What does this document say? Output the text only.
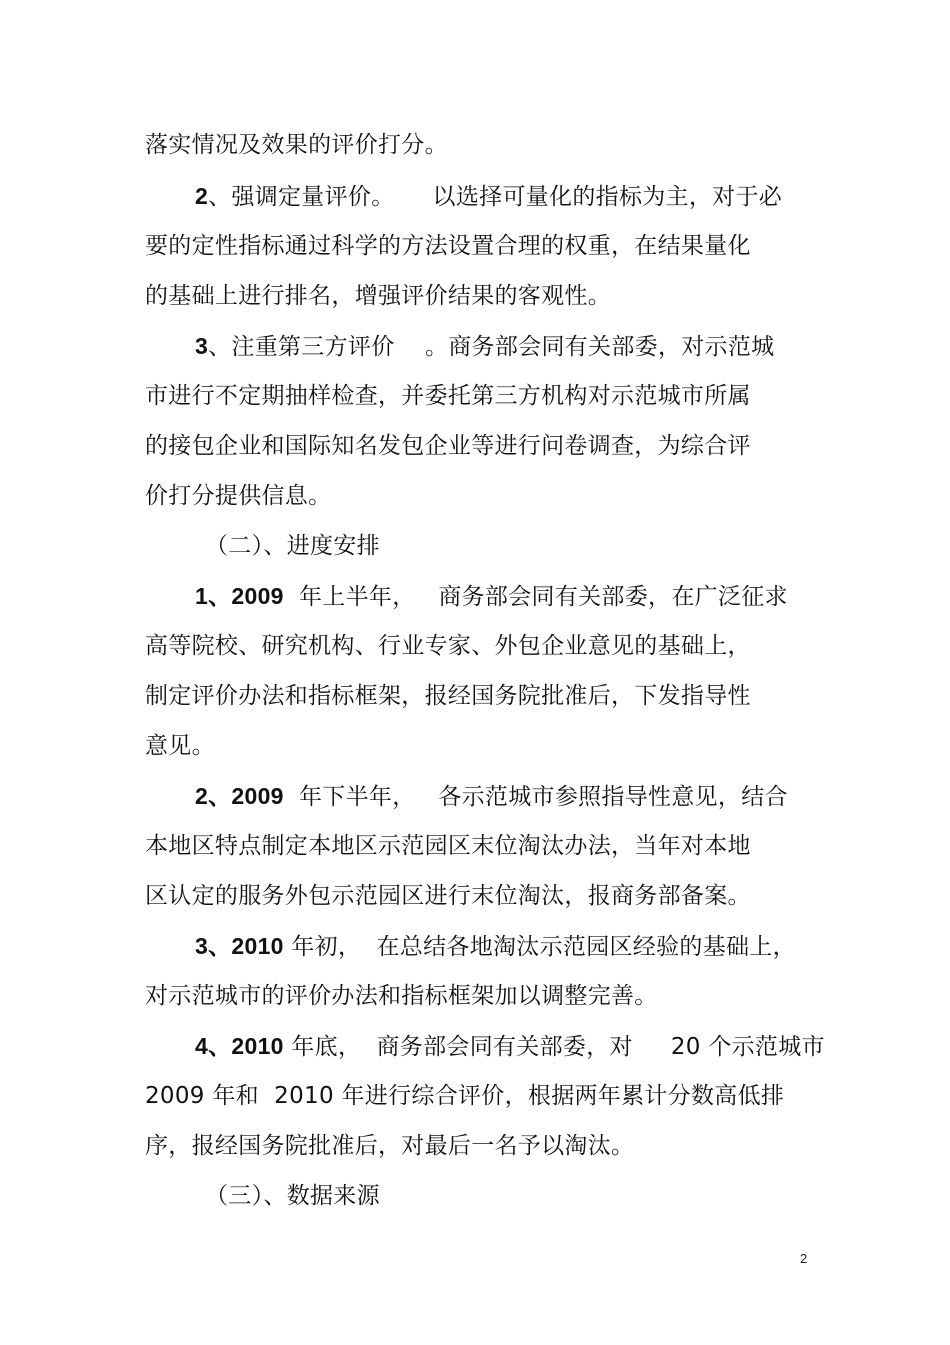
落实情况及效果的评价打分。
2、强调定量评价。     以选择可量化的指标为主，对于必
要的定性指标通过科学的方法设置合理的权重，在结果量化
的基础上进行排名，增强评价结果的客观性。
3、注重第三方评价    。商务部会同有关部委，对示范城
市进行不定期抽样检查，并委托第三方机构对示范城市所属
的接包企业和国际知名发包企业等进行问卷调查，为综合评
价打分提供信息。
（二）、进度安排
1、2009  年上半年，   商务部会同有关部委，在广泛征求
高等院校、研究机构、行业专家、外包企业意见的基础上，
制定评价办法和指标框架，报经国务院批准后，下发指导性
意见。
2、2009  年下半年，   各示范城市参照指导性意见，结合
本地区特点制定本地区示范园区末位淘汰办法，当年对本地
区认定的服务外包示范园区进行末位淘汰，报商务部备案。
3、2010 年初，  在总结各地淘汰示范园区经验的基础上，
对示范城市的评价办法和指标框架加以调整完善。
4、2010 年底，  商务部会同有关部委，对     20 个示范城市
2009 年和  2010 年进行综合评价，根据两年累计分数高低排
序，报经国务院批准后，对最后一名予以淘汰。
（三）、数据来源
2
